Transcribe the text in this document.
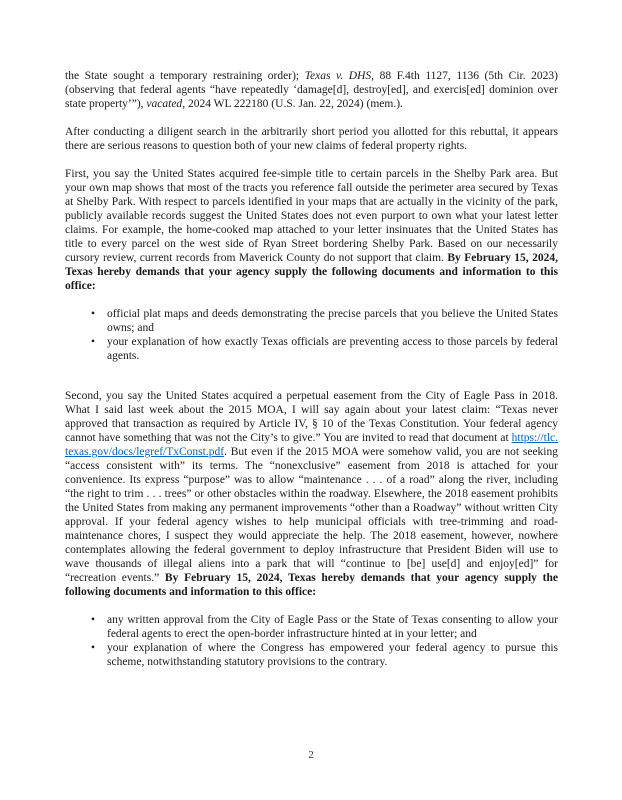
the State sought a temporary restraining order); Texas v. DHS, 88 F.4th 1127, 1136 (5th Cir. 2023) (observing that federal agents “have repeatedly ‘damage[d], destroy[ed], and exercis[ed] dominion over state property’”), vacated, 2024 WL 222180 (U.S. Jan. 22, 2024) (mem.).

After conducting a diligent search in the arbitrarily short period you allotted for this rebuttal, it appears there are serious reasons to question both of your new claims of federal property rights.

First, you say the United States acquired fee-simple title to certain parcels in the Shelby Park area. But your own map shows that most of the tracts you reference fall outside the perimeter area secured by Texas at Shelby Park. With respect to parcels identified in your maps that are actually in the vicinity of the park, publicly available records suggest the United States does not even purport to own what your latest letter claims. For example, the home-cooked map attached to your letter insinuates that the United States has title to every parcel on the west side of Ryan Street bordering Shelby Park. Based on our necessarily cursory review, current records from Maverick County do not support that claim. By February 15, 2024, Texas hereby demands that your agency supply the following documents and information to this office:

• official plat maps and deeds demonstrating the precise parcels that you believe the United States owns; and
• your explanation of how exactly Texas officials are preventing access to those parcels by federal agents.

Second, you say the United States acquired a perpetual easement from the City of Eagle Pass in 2018. What I said last week about the 2015 MOA, I will say again about your latest claim: “Texas never approved that transaction as required by Article IV, § 10 of the Texas Constitution. Your federal agency cannot have something that was not the City’s to give.” You are invited to read that document at https://tlc.texas.gov/docs/legref/TxConst.pdf. But even if the 2015 MOA were somehow valid, you are not seeking “access consistent with” its terms. The “nonexclusive” easement from 2018 is attached for your convenience. Its express “purpose” was to allow “maintenance . . . of a road” along the river, including “the right to trim . . . trees” or other obstacles within the roadway. Elsewhere, the 2018 easement prohibits the United States from making any permanent improvements “other than a Roadway” without written City approval. If your federal agency wishes to help municipal officials with tree-trimming and road-maintenance chores, I suspect they would appreciate the help. The 2018 easement, however, nowhere contemplates allowing the federal government to deploy infrastructure that President Biden will use to wave thousands of illegal aliens into a park that will “continue to [be] use[d] and enjoy[ed]” for “recreation events.” By February 15, 2024, Texas hereby demands that your agency supply the following documents and information to this office:

• any written approval from the City of Eagle Pass or the State of Texas consenting to allow your federal agents to erect the open-border infrastructure hinted at in your letter; and
• your explanation of where the Congress has empowered your federal agency to pursue this scheme, notwithstanding statutory provisions to the contrary.
2
